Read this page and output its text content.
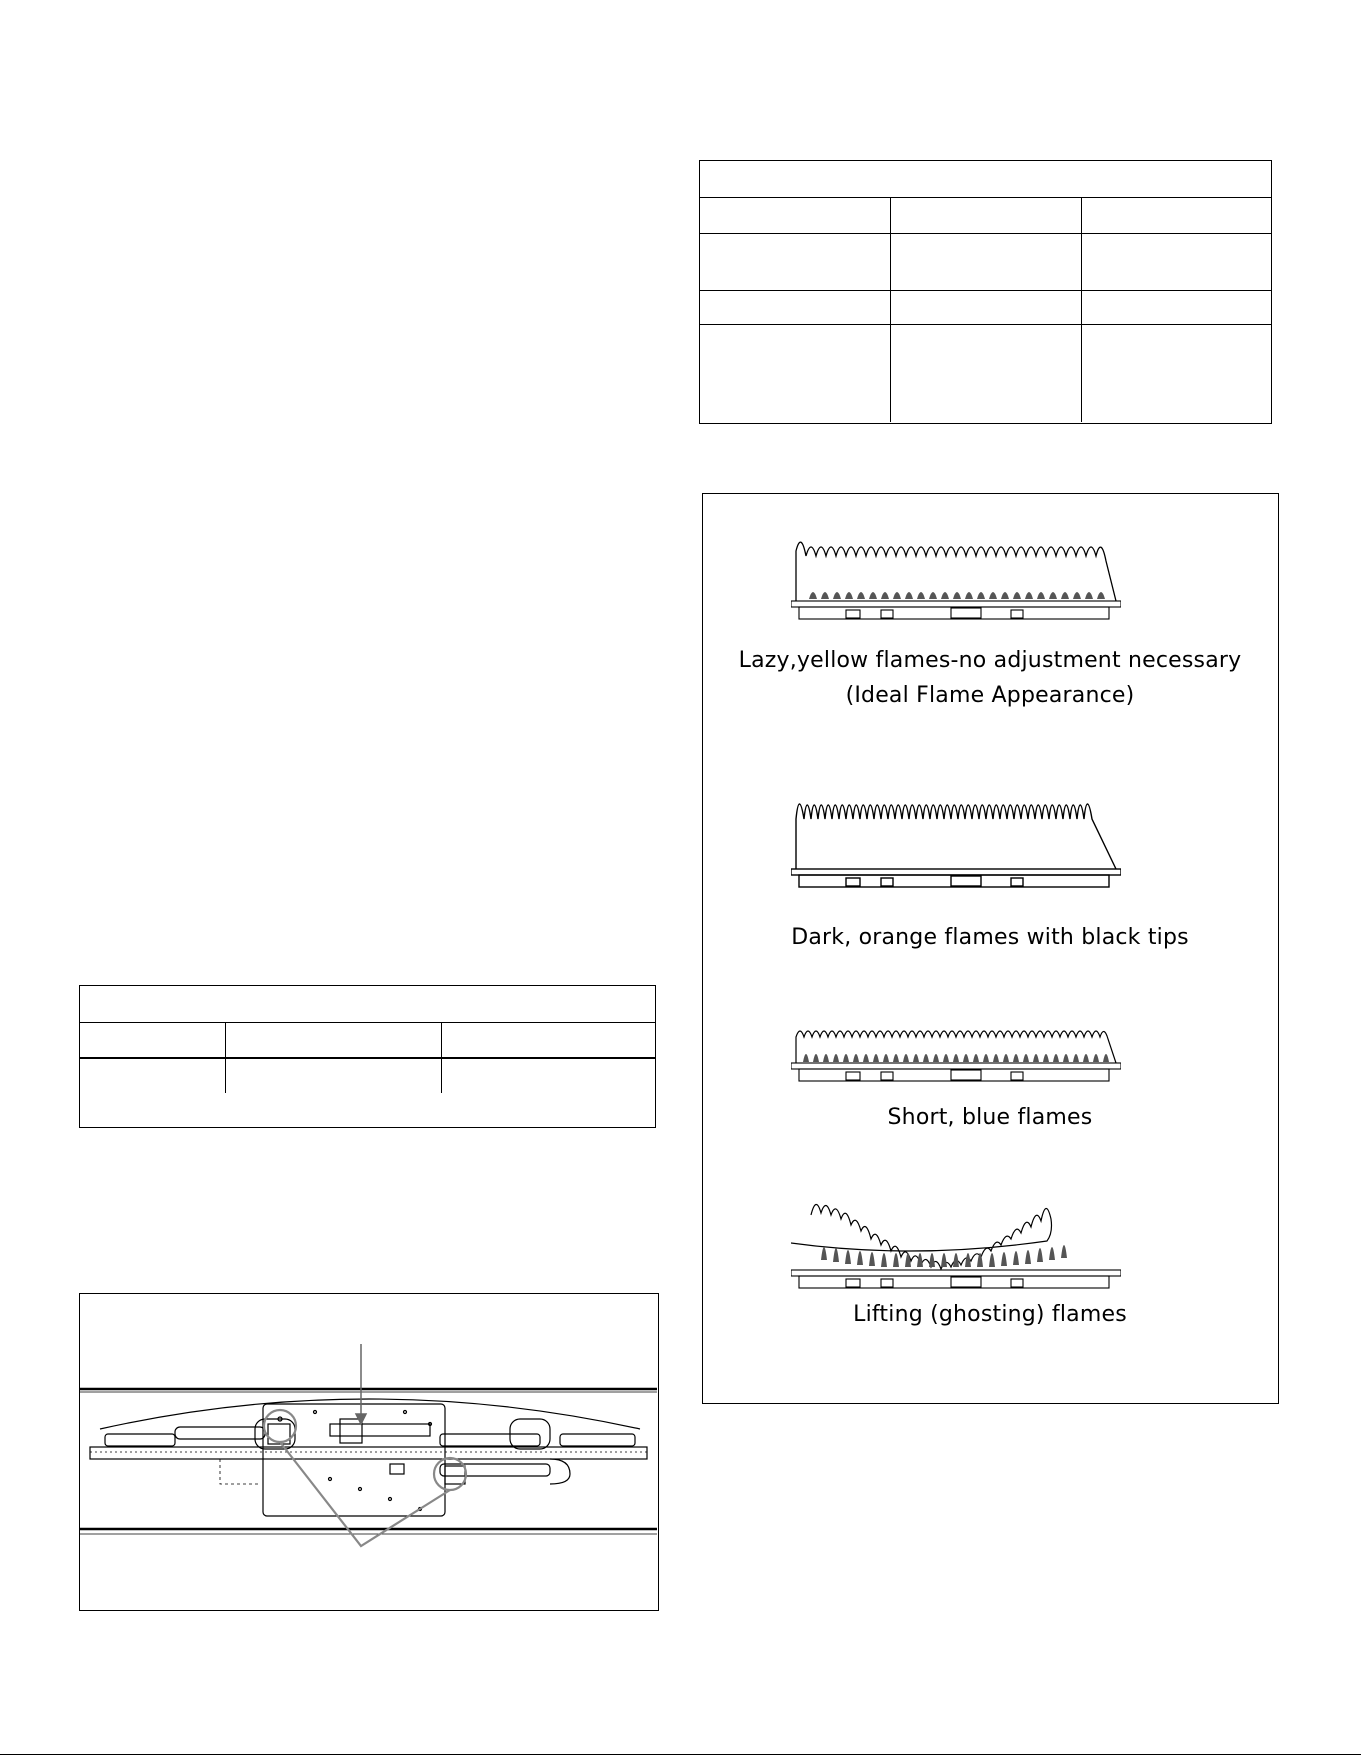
Lazy,yellow flames-no adjustment necessary
(Ideal Flame Appearance)
Dark, orange flames with black tips
Short, blue flames
Lifting (ghosting) flames
